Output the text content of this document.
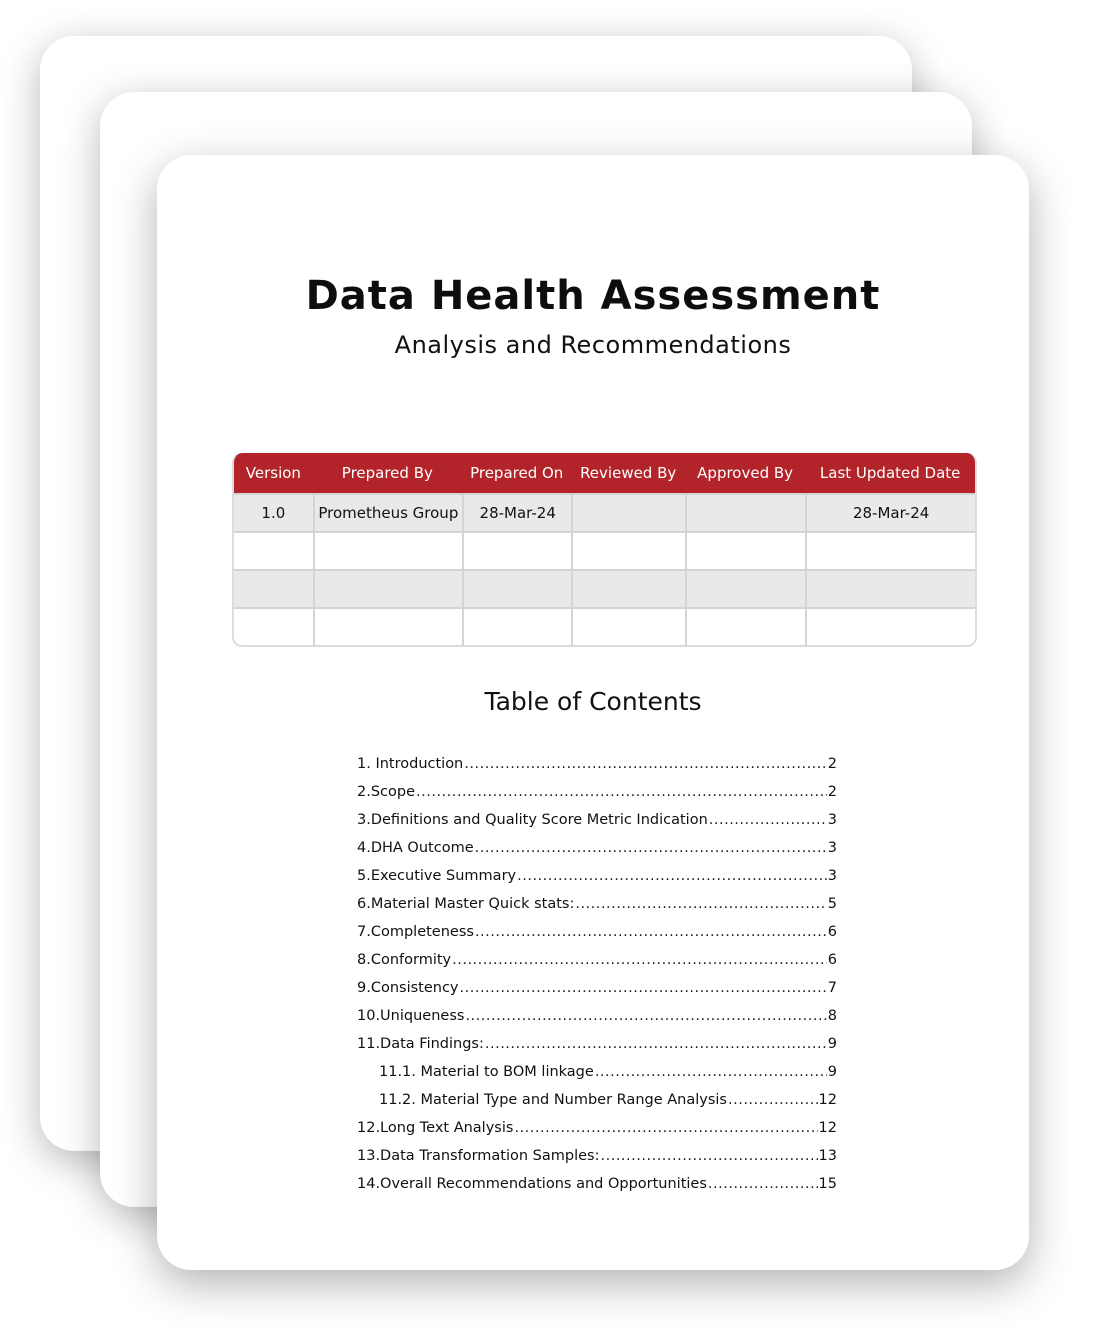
Data Health Assessment
Analysis and Recommendations
Version	Prepared By	Prepared On	Reviewed By	Approved By	Last Updated Date
1.0	Prometheus Group	28-Mar-24			28-Mar-24

Table of Contents
1. Introduction .....	2
2.Scope .....	2
3.Definitions and Quality Score Metric Indication .....	3
4.DHA Outcome .....	3
5.Executive Summary .....	3
6.Material Master Quick stats: .....	5
7.Completeness .....	6
8.Conformity .....	6
9.Consistency .....	7
10.Uniqueness .....	8
11.Data Findings: .....	9
11.1. Material to BOM linkage .....	9
11.2. Material Type and Number Range Analysis .....	12
12.Long Text Analysis .....	12
13.Data Transformation Samples: .....	13
14.Overall Recommendations and Opportunities .....	15
